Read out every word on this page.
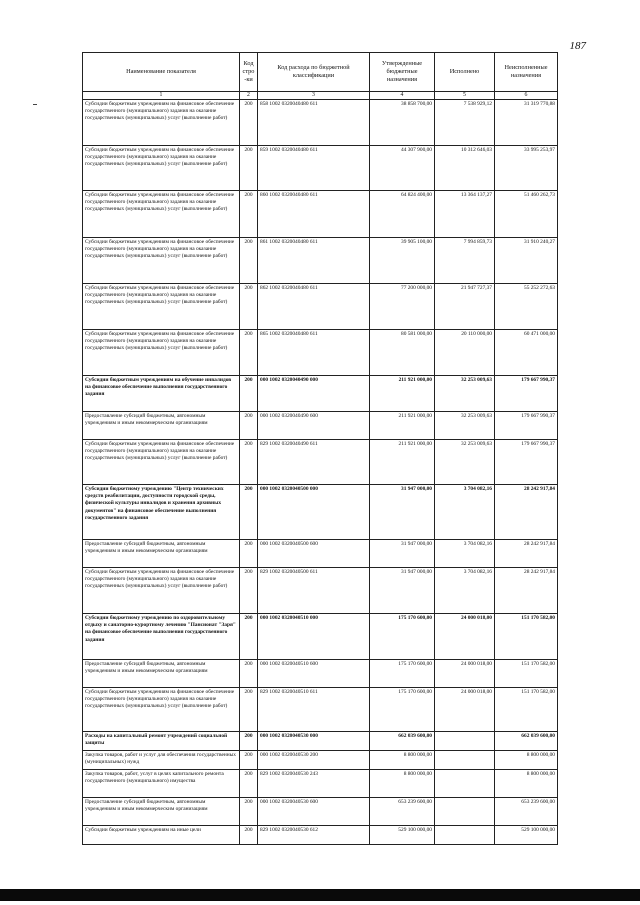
187
Наименование показателя	Код стро-ки	Код расхода по бюджетной классификации	Утвержденные бюджетные назначения	Исполнено	Неисполненные назначения
1	2	3	4	5	6
Субсидии бюджетным учреждениям на финансовое обеспечение государственного (муниципального) задания на оказание государственных (муниципальных) услуг (выполнение работ)	200	858 1002 0320040480 611	38 858 700,00	7 538 929,12	31 319 770,88
Субсидии бюджетным учреждениям на финансовое обеспечение государственного (муниципального) задания на оказание государственных (муниципальных) услуг (выполнение работ)	200	859 1002 0320040480 611	44 307 900,00	10 312 646,03	33 995 253,97
Субсидии бюджетным учреждениям на финансовое обеспечение государственного (муниципального) задания на оказание государственных (муниципальных) услуг (выполнение работ)	200	860 1002 0320040480 611	64 824 400,00	13 364 137,27	51 460 262,73
Субсидии бюджетным учреждениям на финансовое обеспечение государственного (муниципального) задания на оказание государственных (муниципальных) услуг (выполнение работ)	200	861 1002 0320040480 611	39 905 100,00	7 994 859,73	31 910 240,27
Субсидии бюджетным учреждениям на финансовое обеспечение государственного (муниципального) задания на оказание государственных (муниципальных) услуг (выполнение работ)	200	862 1002 0320040480 611	77 200 000,00	21 947 727,37	55 252 272,63
Субсидии бюджетным учреждениям на финансовое обеспечение государственного (муниципального) задания на оказание государственных (муниципальных) услуг (выполнение работ)	200	865 1002 0320040480 611	80 581 000,00	20 110 000,00	60 471 000,00
Субсидии бюджетным учреждениям на обучение инвалидов на финансовое обеспечение выполнения государственного задания	200	000 1002 0320040490 000	211 921 000,00	32 253 009,63	179 667 990,37
Предоставление субсидий бюджетным, автономным учреждениям и иным некоммерческим организациям	200	000 1002 0320040490 600	211 921 000,00	32 253 009,63	179 667 990,37
Субсидии бюджетным учреждениям на финансовое обеспечение государственного (муниципального) задания на оказание государственных (муниципальных) услуг (выполнение работ)	200	829 1002 0320040490 611	211 921 000,00	32 253 009,63	179 667 990,37
Субсидии бюджетному учреждению "Центр технических средств реабилитации, доступности городской среды, физической культуры инвалидов и хранения архивных документов" на финансовое обеспечение выполнения государственного задания	200	000 1002 0320040500 000	31 947 000,00	3 704 082,16	28 242 917,84
Предоставление субсидий бюджетным, автономным учреждениям и иным некоммерческим организациям	200	000 1002 0320040500 600	31 947 000,00	3 704 082,16	28 242 917,84
Субсидии бюджетным учреждениям на финансовое обеспечение государственного (муниципального) задания на оказание государственных (муниципальных) услуг (выполнение работ)	200	829 1002 0320040500 611	31 947 000,00	3 704 082,16	28 242 917,84
Субсидии бюджетному учреждению по оздоровительному отдыху и санаторно-курортному лечению "Пансионат "Заря" на финансовое обеспечение выполнения государственного задания	200	000 1002 0320040510 000	175 170 600,00	24 000 018,00	151 170 582,00
Предоставление субсидий бюджетным, автономным учреждениям и иным некоммерческим организациям	200	000 1002 0320040510 600	175 170 600,00	24 000 018,00	151 170 582,00
Субсидии бюджетным учреждениям на финансовое обеспечение государственного (муниципального) задания на оказание государственных (муниципальных) услуг (выполнение работ)	200	829 1002 0320040510 611	175 170 600,00	24 000 018,00	151 170 582,00
Расходы на капитальный ремонт учреждений социальной защиты	200	000 1002 0320040530 000	662 039 600,00		662 039 600,00
Закупка товаров, работ и услуг для обеспечения государственных (муниципальных) нужд	200	000 1002 0320040530 200	8 800 000,00		8 800 000,00
Закупка товаров, работ, услуг в целях капитального ремонта государственного (муниципального) имущества	200	829 1002 0320040530 243	8 800 000,00		8 800 000,00
Предоставление субсидий бюджетным, автономным учреждениям и иным некоммерческим организациям	200	000 1002 0320040530 600	653 239 600,00		653 239 600,00
Субсидии бюджетным учреждениям на иные цели	200	829 1002 0320040530 612	529 100 000,00		529 100 000,00
